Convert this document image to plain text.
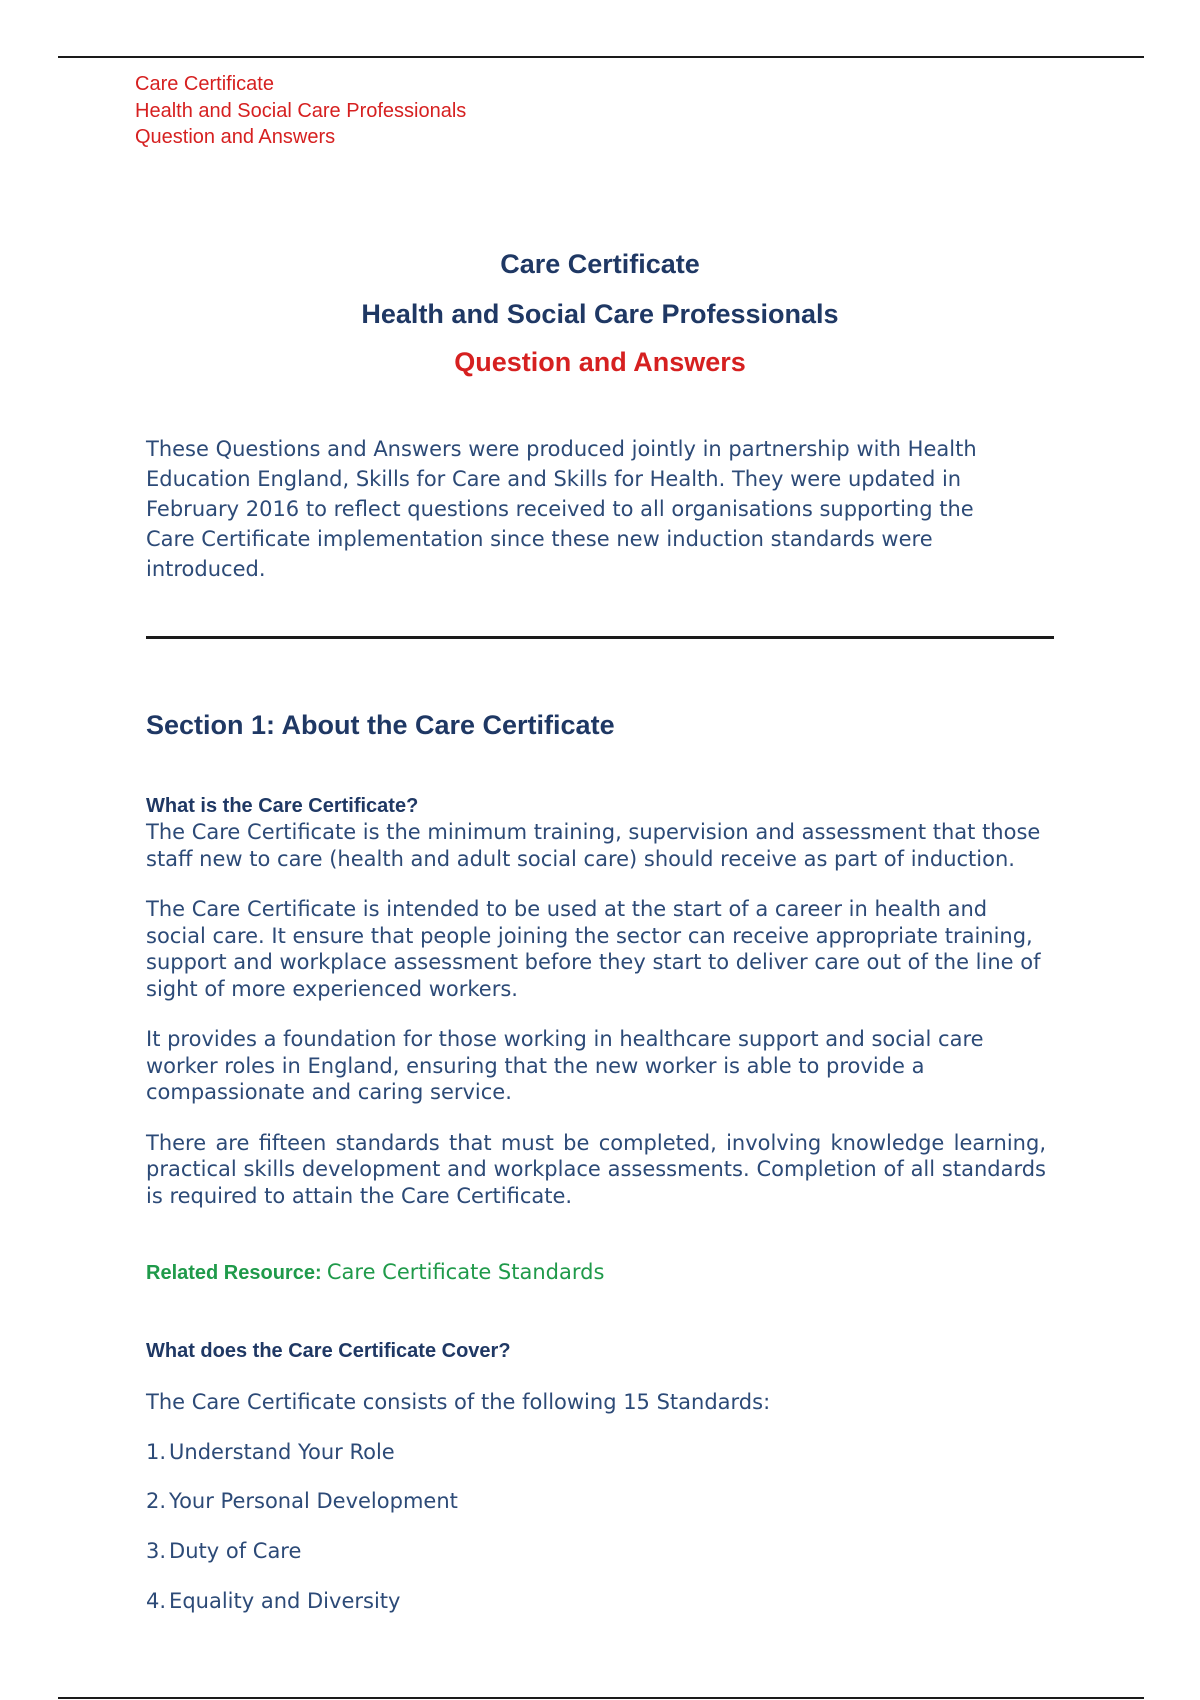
Care Certificate
Health and Social Care Professionals
Question and Answers

Care Certificate

Health and Social Care Professionals

Question and Answers

These Questions and Answers were produced jointly in partnership with Health
Education England, Skills for Care and Skills for Health. They were updated in
February 2016 to reflect questions received to all organisations supporting the
Care Certificate implementation since these new induction standards were
introduced.
Section 1: About the Care Certificate

What is the Care Certificate?

The Care Certificate is the minimum training, supervision and assessment that those staff new to care (health and adult social care) should receive as part of induction.

The Care Certificate is intended to be used at the start of a career in health and social care. It ensure that people joining the sector can receive appropriate training, support and workplace assessment before they start to deliver care out of the line of sight of more experienced workers.

It provides a foundation for those working in healthcare support and social care worker roles in England, ensuring that the new worker is able to provide a compassionate and caring service.

There are fifteen standards that must be completed, involving knowledge learning, practical skills development and workplace assessments. Completion of all standards is required to attain the Care Certificate.

Related Resource: Care Certificate Standards

What does the Care Certificate Cover?

The Care Certificate consists of the following 15 Standards:

1. Understand Your Role

2. Your Personal Development

3. Duty of Care

4. Equality and Diversity
